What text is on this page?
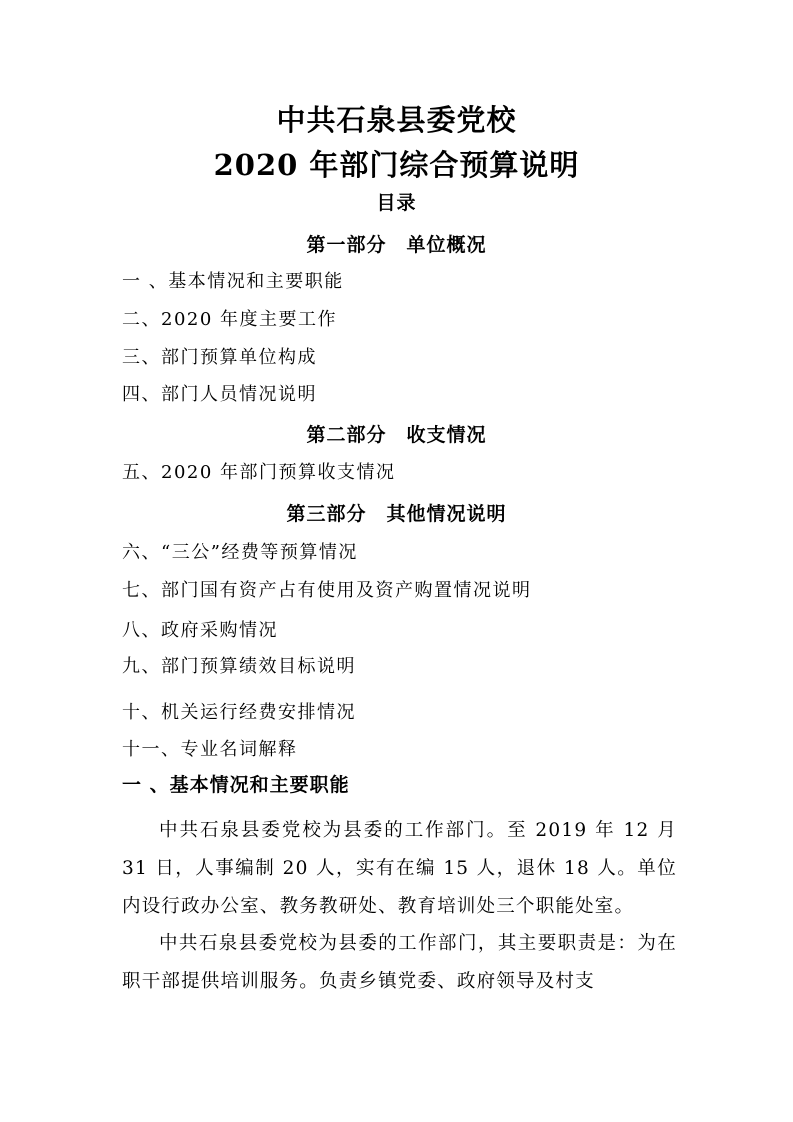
中共石泉县委党校
2020 年部门综合预算说明
目录
第一部分　单位概况
一 、基本情况和主要职能
二、2020 年度主要工作
三、部门预算单位构成
四、部门人员情况说明
第二部分　收支情况
五、2020 年部门预算收支情况
第三部分　其他情况说明
六、“三公”经费等预算情况
七、部门国有资产占有使用及资产购置情况说明
八、政府采购情况
九、部门预算绩效目标说明
十、机关运行经费安排情况
十一、专业名词解释
一 、基本情况和主要职能
中共石泉县委党校为县委的工作部门。至 2019 年 12 月 31 日，人事编制 20 人，实有在编 15 人，退休 18 人。单位内设行政办公室、教务教研处、教育培训处三个职能处室。
中共石泉县委党校为县委的工作部门，其主要职责是：为在职干部提供培训服务。负责乡镇党委、政府领导及村支
